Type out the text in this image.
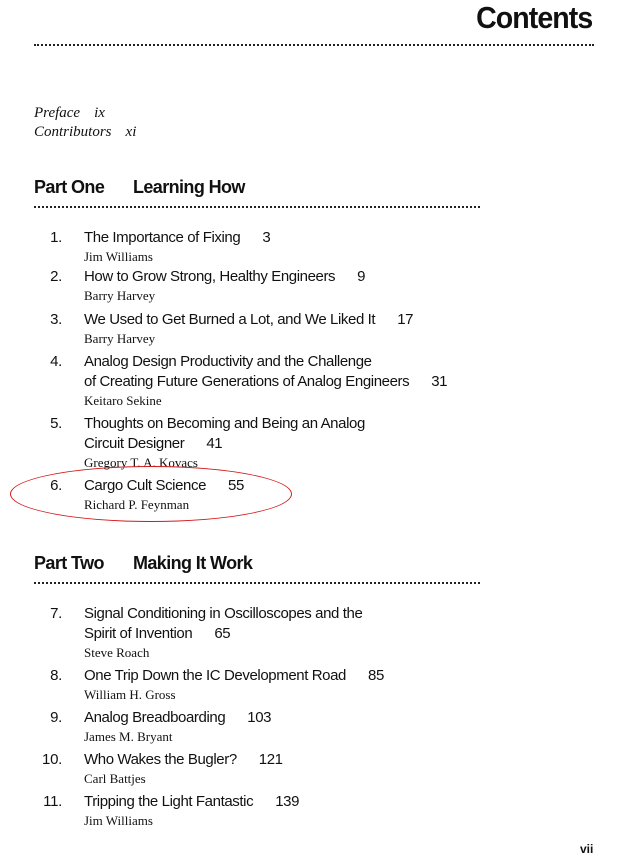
Contents
Preface ix
Contributors xi
Part One	Learning How
1. The Importance of Fixing 3
Jim Williams
2. How to Grow Strong, Healthy Engineers 9
Barry Harvey
3. We Used to Get Burned a Lot, and We Liked It 17
Barry Harvey
4. Analog Design Productivity and the Challenge
of Creating Future Generations of Analog Engineers 31
Keitaro Sekine
5. Thoughts on Becoming and Being an Analog
Circuit Designer 41
Gregory T. A. Kovacs
6. Cargo Cult Science 55
Richard P. Feynman
Part Two	Making It Work
7. Signal Conditioning in Oscilloscopes and the
Spirit of Invention 65
Steve Roach
8. One Trip Down the IC Development Road 85
William H. Gross
9. Analog Breadboarding 103
James M. Bryant
10. Who Wakes the Bugler? 121
Carl Battjes
11. Tripping the Light Fantastic 139
Jim Williams
vii
